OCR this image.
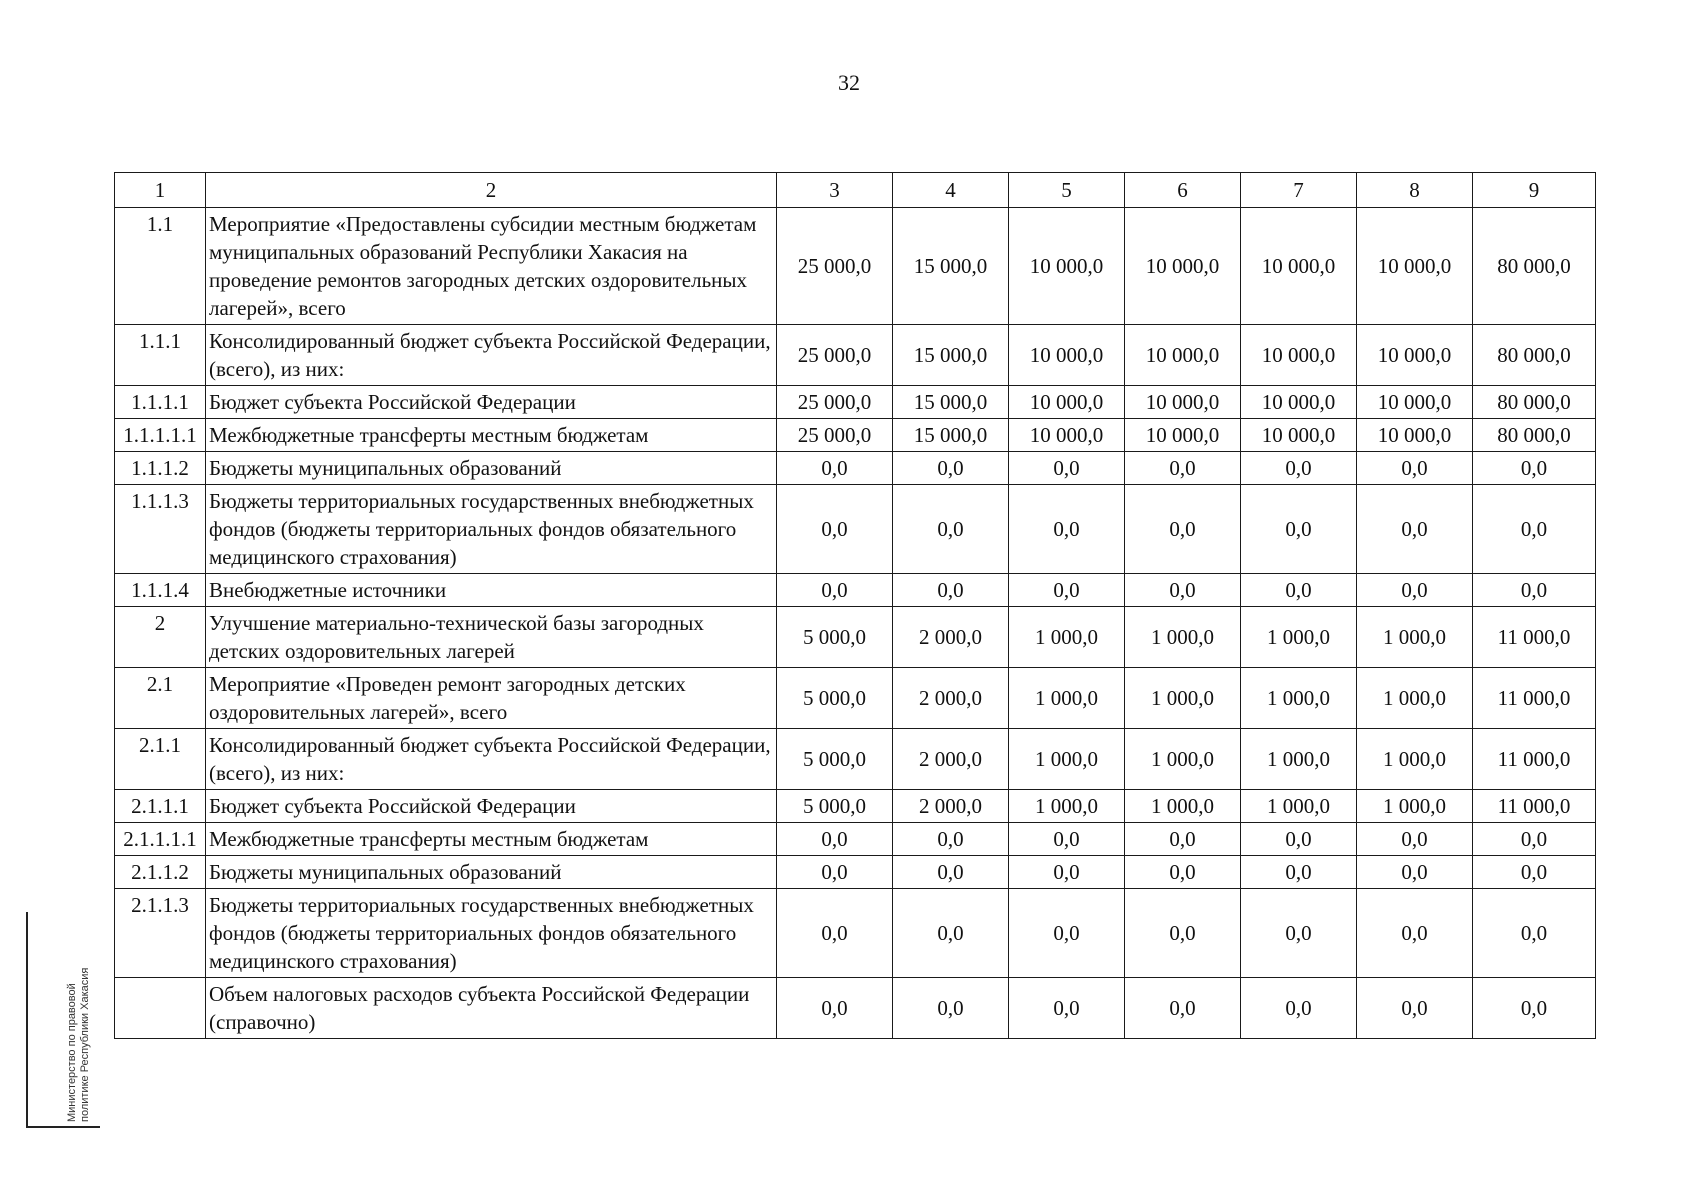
32
1	2	3	4	5	6	7	8	9
1.1	Мероприятие «Предоставлены субсидии местным бюджетам муниципальных образований Республики Хакасия на проведение ремонтов загородных детских оздоровительных лагерей», всего	25 000,0	15 000,0	10 000,0	10 000,0	10 000,0	10 000,0	80 000,0
1.1.1	Консолидированный бюджет субъекта Российской Федерации, (всего), из них:	25 000,0	15 000,0	10 000,0	10 000,0	10 000,0	10 000,0	80 000,0
1.1.1.1	Бюджет субъекта Российской Федерации	25 000,0	15 000,0	10 000,0	10 000,0	10 000,0	10 000,0	80 000,0
1.1.1.1.1	Межбюджетные трансферты местным бюджетам	25 000,0	15 000,0	10 000,0	10 000,0	10 000,0	10 000,0	80 000,0
1.1.1.2	Бюджеты муниципальных образований	0,0	0,0	0,0	0,0	0,0	0,0	0,0
1.1.1.3	Бюджеты территориальных государственных внебюджетных фондов (бюджеты территориальных фондов обязательного медицинского страхования)	0,0	0,0	0,0	0,0	0,0	0,0	0,0
1.1.1.4	Внебюджетные источники	0,0	0,0	0,0	0,0	0,0	0,0	0,0
2	Улучшение материально-технической базы загородных детских оздоровительных лагерей	5 000,0	2 000,0	1 000,0	1 000,0	1 000,0	1 000,0	11 000,0
2.1	Мероприятие «Проведен ремонт загородных детских оздоровительных лагерей», всего	5 000,0	2 000,0	1 000,0	1 000,0	1 000,0	1 000,0	11 000,0
2.1.1	Консолидированный бюджет субъекта Российской Федерации, (всего), из них:	5 000,0	2 000,0	1 000,0	1 000,0	1 000,0	1 000,0	11 000,0
2.1.1.1	Бюджет субъекта Российской Федерации	5 000,0	2 000,0	1 000,0	1 000,0	1 000,0	1 000,0	11 000,0
2.1.1.1.1	Межбюджетные трансферты местным бюджетам	0,0	0,0	0,0	0,0	0,0	0,0	0,0
2.1.1.2	Бюджеты муниципальных образований	0,0	0,0	0,0	0,0	0,0	0,0	0,0
2.1.1.3	Бюджеты территориальных государственных внебюджетных фондов (бюджеты территориальных фондов обязательного медицинского страхования)	0,0	0,0	0,0	0,0	0,0	0,0	0,0
	Объем налоговых расходов субъекта Российской Федерации (справочно)	0,0	0,0	0,0	0,0	0,0	0,0	0,0
Министерство по правовой политике Республики Хакасия
